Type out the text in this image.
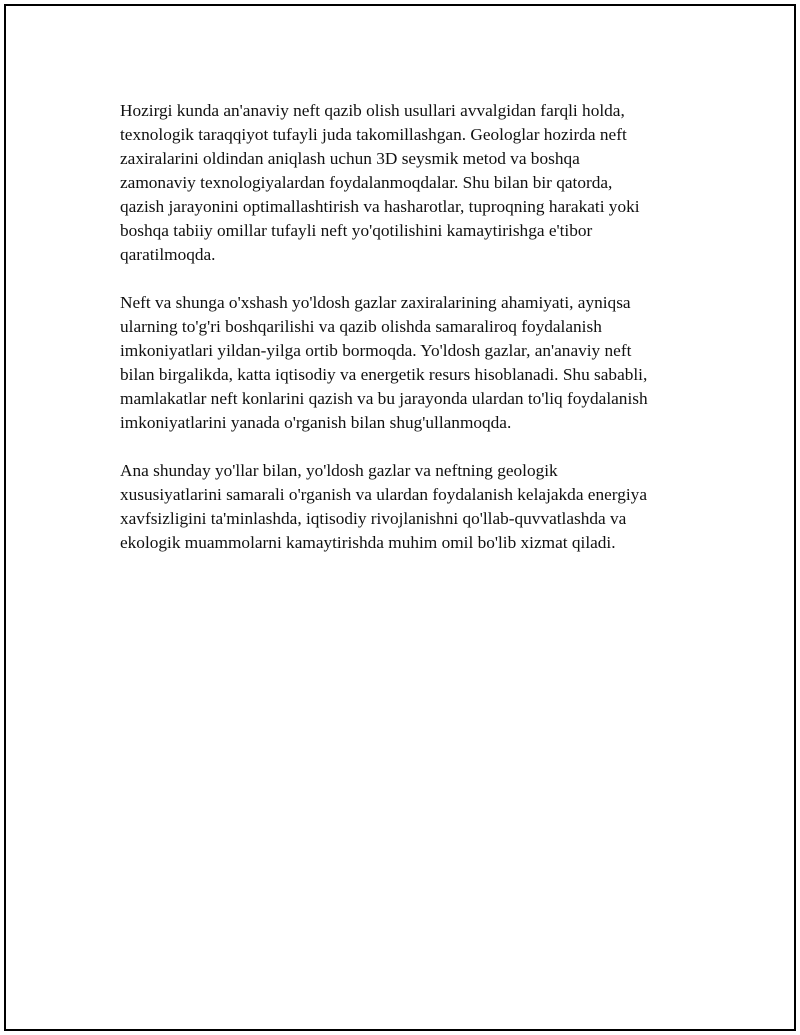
Hozirgi kunda an'anaviy neft qazib olish usullari avvalgidan farqli holda,
texnologik taraqqiyot tufayli juda takomillashgan. Geologlar hozirda neft
zaxiralarini oldindan aniqlash uchun 3D seysmik metod va boshqa
zamonaviy texnologiyalardan foydalanmoqdalar. Shu bilan bir qatorda,
qazish jarayonini optimallashtirish va hasharotlar, tuproqning harakati yoki
boshqa tabiiy omillar tufayli neft yo'qotilishini kamaytirishga e'tibor
qaratilmoqda.

Neft va shunga o'xshash yo'ldosh gazlar zaxiralarining ahamiyati, ayniqsa
ularning to'g'ri boshqarilishi va qazib olishda samaraliroq foydalanish
imkoniyatlari yildan-yilga ortib bormoqda. Yo'ldosh gazlar, an'anaviy neft
bilan birgalikda, katta iqtisodiy va energetik resurs hisoblanadi. Shu sababli,
mamlakatlar neft konlarini qazish va bu jarayonda ulardan to'liq foydalanish
imkoniyatlarini yanada o'rganish bilan shug'ullanmoqda.

Ana shunday yo'llar bilan, yo'ldosh gazlar va neftning geologik
xususiyatlarini samarali o'rganish va ulardan foydalanish kelajakda energiya
xavfsizligini ta'minlashda, iqtisodiy rivojlanishni qo'llab-quvvatlashda va
ekologik muammolarni kamaytirishda muhim omil bo'lib xizmat qiladi.
